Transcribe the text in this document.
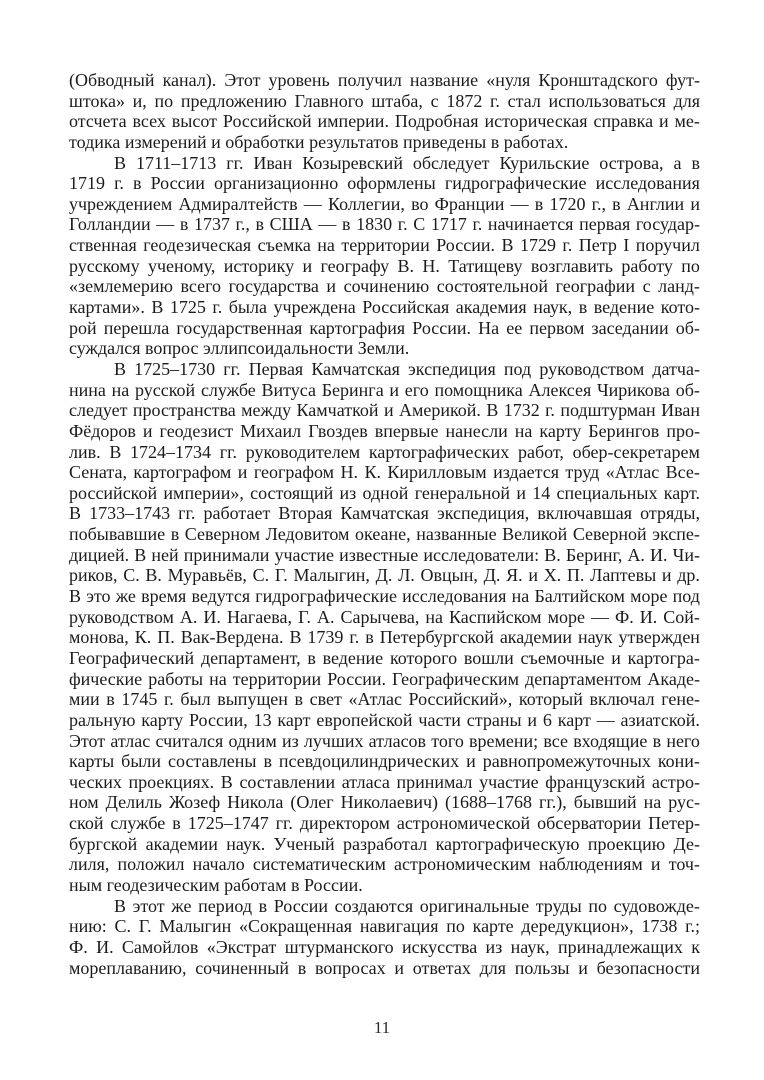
(Обводный канал). Этот уровень получил название «нуля Кронштадского фут-
штока» и, по предложению Главного штаба, с 1872 г. стал использоваться для
отсчета всех высот Российской империи. Подробная историческая справка и ме-
тодика измерений и обработки результатов приведены в работах.
В 1711–1713 гг. Иван Козыревский обследует Курильские острова, а в
1719 г. в России организационно оформлены гидрографические исследования
учреждением Адмиралтейств — Коллегии, во Франции — в 1720 г., в Англии и
Голландии — в 1737 г., в США — в 1830 г. С 1717 г. начинается первая государ-
ственная геодезическая съемка на территории России. В 1729 г. Петр I поручил
русскому ученому, историку и географу В. Н. Татищеву возглавить работу по
«землемерию всего государства и сочинению состоятельной географии с ланд-
картами». В 1725 г. была учреждена Российская академия наук, в ведение кото-
рой перешла государственная картография России. На ее первом заседании об-
суждался вопрос эллипсоидальности Земли.
В 1725–1730 гг. Первая Камчатская экспедиция под руководством датча-
нина на русской службе Витуса Беринга и его помощника Алексея Чирикова об-
следует пространства между Камчаткой и Америкой. В 1732 г. подштурман Иван
Фёдоров и геодезист Михаил Гвоздев впервые нанесли на карту Берингов про-
лив. В 1724–1734 гг. руководителем картографических работ, обер-секретарем
Сената, картографом и географом Н. К. Кирилловым издается труд «Атлас Все-
российской империи», состоящий из одной генеральной и 14 специальных карт.
В 1733–1743 гг. работает Вторая Камчатская экспедиция, включавшая отряды,
побывавшие в Северном Ледовитом океане, названные Великой Северной экспе-
дицией. В ней принимали участие известные исследователи: В. Беринг, А. И. Чи-
риков, С. В. Муравьёв, С. Г. Малыгин, Д. Л. Овцын, Д. Я. и Х. П. Лаптевы и др.
В это же время ведутся гидрографические исследования на Балтийском море под
руководством А. И. Нагаева, Г. А. Сарычева, на Каспийском море — Ф. И. Сой-
монова, К. П. Вак-Вердена. В 1739 г. в Петербургской академии наук утвержден
Географический департамент, в ведение которого вошли съемочные и картогра-
фические работы на территории России. Географическим департаментом Акаде-
мии в 1745 г. был выпущен в свет «Атлас Российский», который включал гене-
ральную карту России, 13 карт европейской части страны и 6 карт — азиатской.
Этот атлас считался одним из лучших атласов того времени; все входящие в него
карты были составлены в псевдоцилиндрических и равнопромежуточных кони-
ческих проекциях. В составлении атласа принимал участие французский астро-
ном Делиль Жозеф Никола (Олег Николаевич) (1688–1768 гг.), бывший на рус-
ской службе в 1725–1747 гг. директором астрономической обсерватории Петер-
бургской академии наук. Ученый разработал картографическую проекцию Де-
лиля, положил начало систематическим астрономическим наблюдениям и точ-
ным геодезическим работам в России.
В этот же период в России создаются оригинальные труды по судовожде-
нию: С. Г. Малыгин «Сокращенная навигация по карте дередукцион», 1738 г.;
Ф. И. Самойлов «Экстрат штурманского искусства из наук, принадлежащих к
мореплаванию, сочиненный в вопросах и ответах для пользы и безопасности
11
